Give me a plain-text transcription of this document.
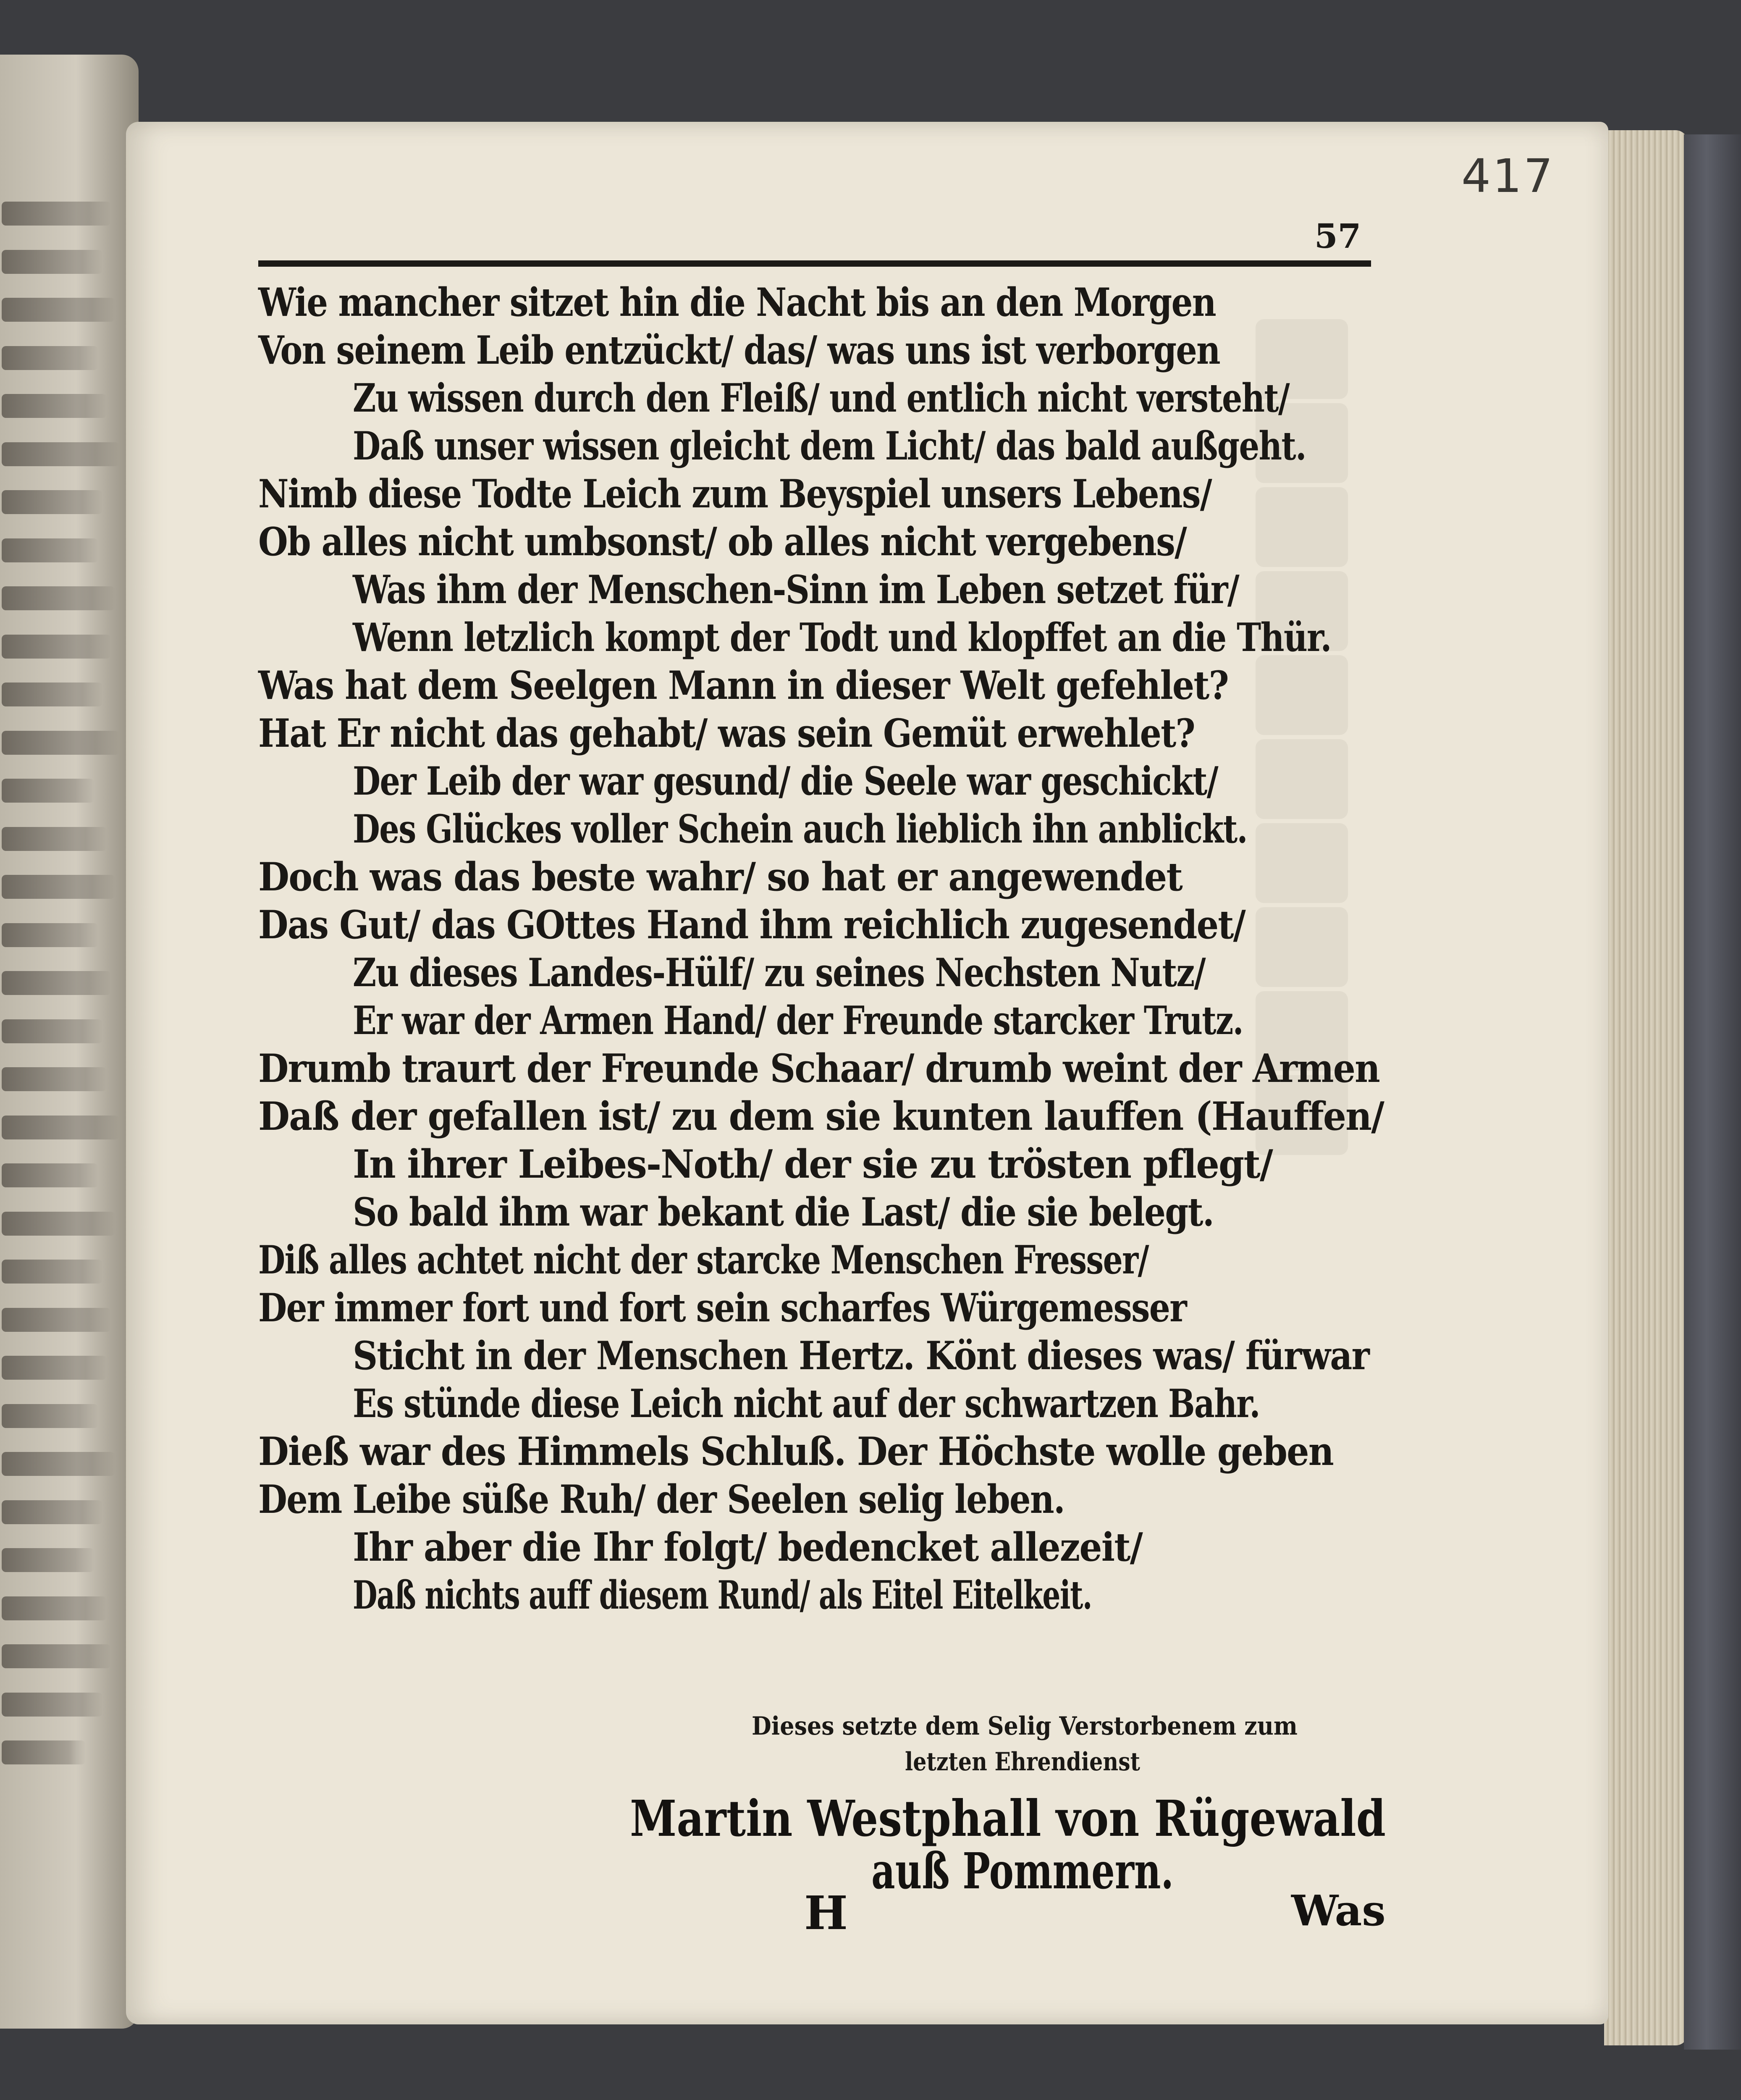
417
57
Wie mancher sitzet hin die Nacht bis an den Morgen
Von seinem Leib entzückt/ das/ was uns ist verborgen
Zu wissen durch den Fleiß/ und entlich nicht versteht/
Daß unser wissen gleicht dem Licht/ das bald außgeht.
Nimb diese Todte Leich zum Beyspiel unsers Lebens/
Ob alles nicht umbsonst/ ob alles nicht vergebens/
Was ihm der Menschen-Sinn im Leben setzet für/
Wenn letzlich kompt der Todt und klopffet an die Thür.
Was hat dem Seelgen Mann in dieser Welt gefehlet?
Hat Er nicht das gehabt/ was sein Gemüt erwehlet?
Der Leib der war gesund/ die Seele war geschickt/
Des Glückes voller Schein auch lieblich ihn anblickt.
Doch was das beste wahr/ so hat er angewendet
Das Gut/ das GOttes Hand ihm reichlich zugesendet/
Zu dieses Landes-Hülf/ zu seines Nechsten Nutz/
Er war der Armen Hand/ der Freunde starcker Trutz.
Drumb traurt der Freunde Schaar/ drumb weint der Armen
Daß der gefallen ist/ zu dem sie kunten lauffen (Hauffen/
In ihrer Leibes-Noth/ der sie zu trösten pflegt/
So bald ihm war bekant die Last/ die sie belegt.
Diß alles achtet nicht der starcke Menschen Fresser/
Der immer fort und fort sein scharfes Würgemesser
Sticht in der Menschen Hertz. Könt dieses was/ fürwar
Es stünde diese Leich nicht auf der schwartzen Bahr.
Dieß war des Himmels Schluß. Der Höchste wolle geben
Dem Leibe süße Ruh/ der Seelen selig leben.
Ihr aber die Ihr folgt/ bedencket allezeit/
Daß nichts auff diesem Rund/ als Eitel Eitelkeit.
Dieses setzte dem Selig Verstorbenem zum
letzten Ehrendienst
Martin Westphall von Rügewald
auß Pommern.
H	Was
